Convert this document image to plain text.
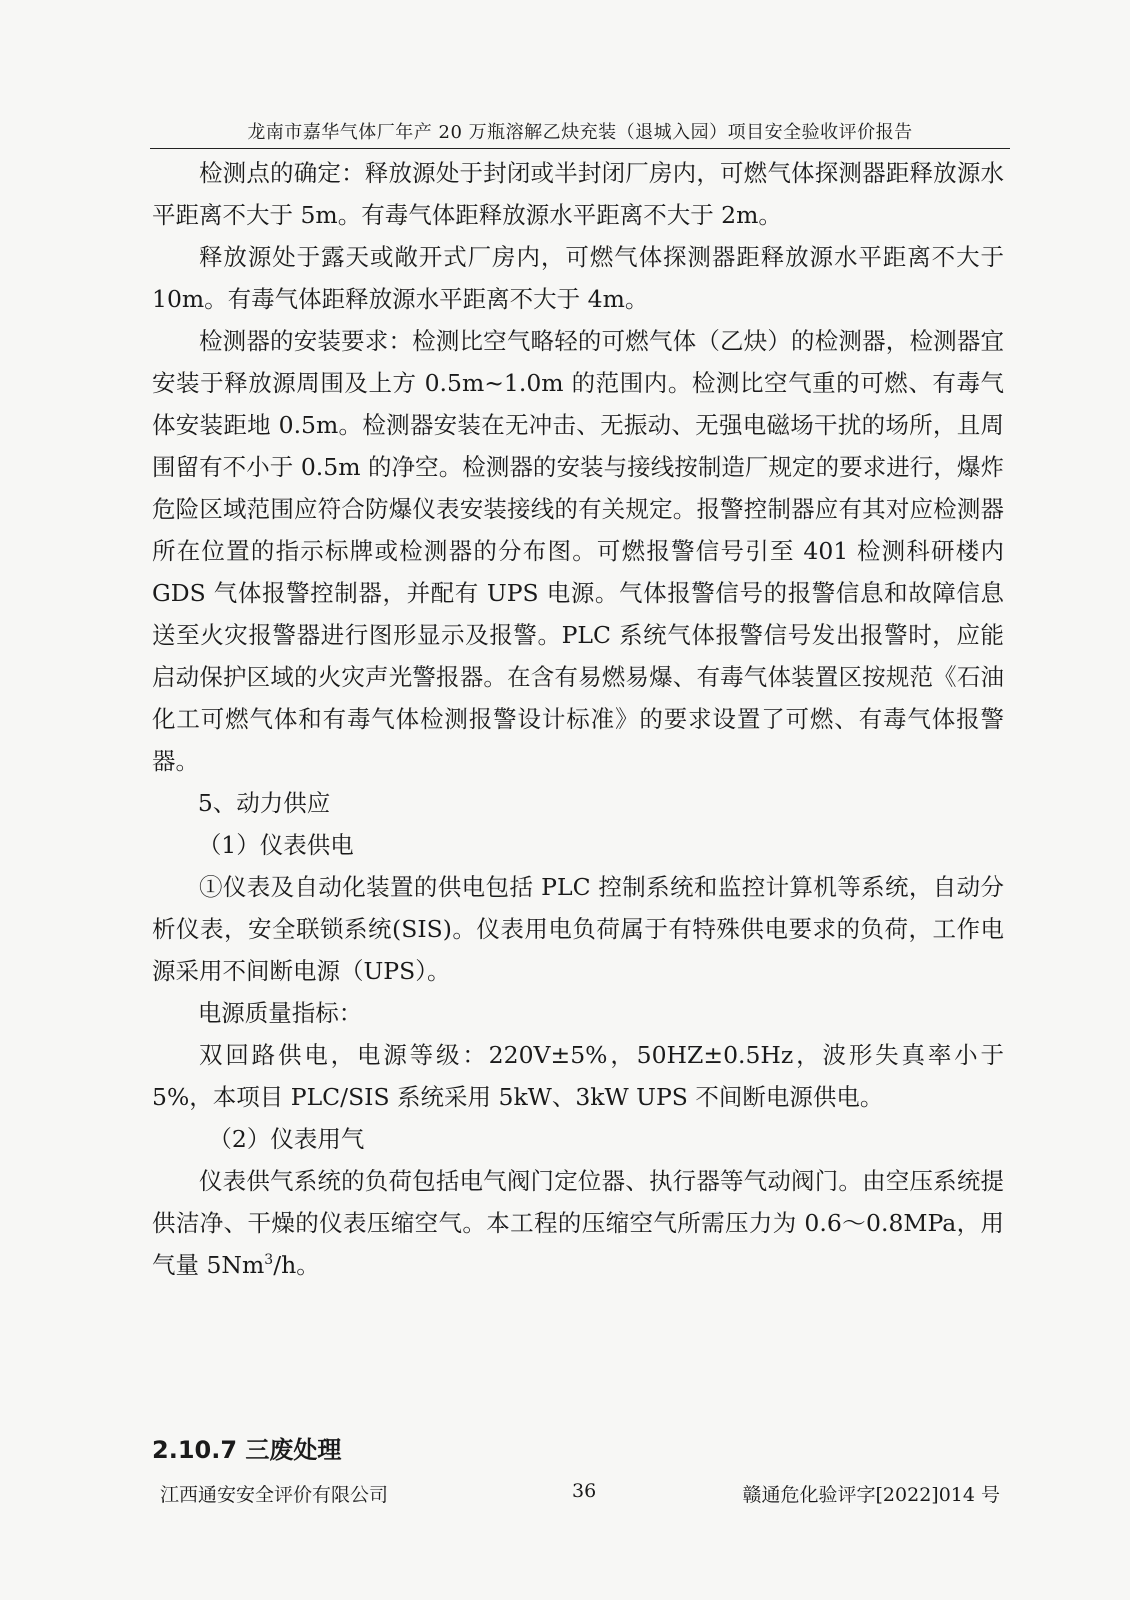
龙南市嘉华气体厂年产 20 万瓶溶解乙炔充装（退城入园）项目安全验收评价报告

检测点的确定：释放源处于封闭或半封闭厂房内，可燃气体探测器距释放源水平距离不大于 5m。有毒气体距释放源水平距离不大于 2m。

释放源处于露天或敞开式厂房内，可燃气体探测器距释放源水平距离不大于 10m。有毒气体距释放源水平距离不大于 4m。

检测器的安装要求：检测比空气略轻的可燃气体（乙炔）的检测器，检测器宜安装于释放源周围及上方 0.5m~1.0m 的范围内。检测比空气重的可燃、有毒气体安装距地 0.5m。检测器安装在无冲击、无振动、无强电磁场干扰的场所，且周围留有不小于 0.5m 的净空。检测器的安装与接线按制造厂规定的要求进行，爆炸危险区域范围应符合防爆仪表安装接线的有关规定。报警控制器应有其对应检测器所在位置的指示标牌或检测器的分布图。可燃报警信号引至 401 检测科研楼内 GDS 气体报警控制器，并配有 UPS 电源。气体报警信号的报警信息和故障信息送至火灾报警器进行图形显示及报警。PLC 系统气体报警信号发出报警时，应能启动保护区域的火灾声光警报器。在含有易燃易爆、有毒气体装置区按规范《石油化工可燃气体和有毒气体检测报警设计标准》的要求设置了可燃、有毒气体报警器。

5、动力供应

（1）仪表供电

①仪表及自动化装置的供电包括 PLC 控制系统和监控计算机等系统，自动分析仪表，安全联锁系统(SIS)。仪表用电负荷属于有特殊供电要求的负荷，工作电源采用不间断电源（UPS）。

电源质量指标：

双回路供电，电源等级：220V±5%，50HZ±0.5Hz，波形失真率小于 5%，本项目 PLC/SIS 系统采用 5kW、3kW UPS 不间断电源供电。

（2）仪表用气

仪表供气系统的负荷包括电气阀门定位器、执行器等气动阀门。由空压系统提供洁净、干燥的仪表压缩空气。本工程的压缩空气所需压力为 0.6～0.8MPa，用气量 5Nm$^3$/h。

2.10.7 三废处理
江西通安安全评价有限公司	36	赣通危化验评字[2022]014 号
